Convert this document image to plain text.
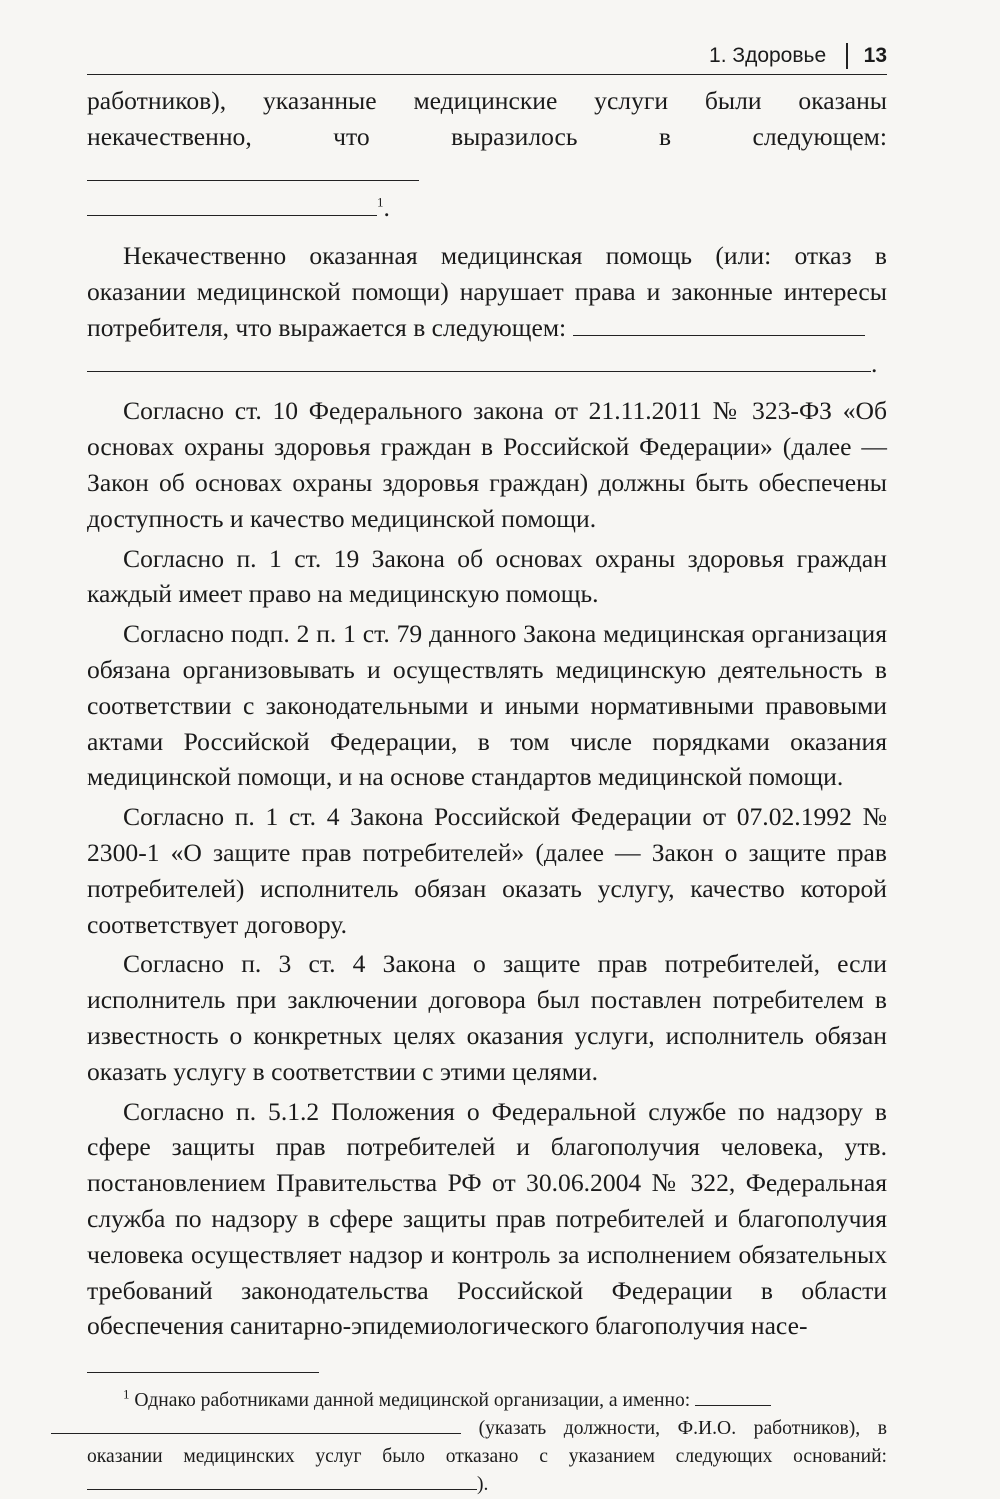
1. Здоровье 13

работников), указанные медицинские услуги были оказаны некачественно, что выразилось в следующем:
$^1$.

Некачественно оказанная медицинская помощь (или: отказ в оказании медицинской помощи) нарушает права и законные интересы потребителя, что выражается в следующем:
.

Согласно ст. 10 Федерального закона от 21.11.2011 № 323-ФЗ «Об основах охраны здоровья граждан в Российской Федерации» (далее — Закон об основах охраны здоровья граждан) должны быть обеспечены доступность и качество медицинской помощи.

Согласно п. 1 ст. 19 Закона об основах охраны здоровья граждан каждый имеет право на медицинскую помощь.

Согласно подп. 2 п. 1 ст. 79 данного Закона медицинская организация обязана организовывать и осуществлять медицинскую деятельность в соответствии с законодательными и иными нормативными правовыми актами Российской Федерации, в том числе порядками оказания медицинской помощи, и на основе стандартов медицинской помощи.

Согласно п. 1 ст. 4 Закона Российской Федерации от 07.02.1992 № 2300-1 «О защите прав потребителей» (далее — Закон о защите прав потребителей) исполнитель обязан оказать услугу, качество которой соответствует договору.

Согласно п. 3 ст. 4 Закона о защите прав потребителей, если исполнитель при заключении договора был поставлен потребителем в известность о конкретных целях оказания услуги, исполнитель обязан оказать услугу в соответствии с этими целями.

Согласно п. 5.1.2 Положения о Федеральной службе по надзору в сфере защиты прав потребителей и благополучия человека, утв. постановлением Правительства РФ от 30.06.2004 № 322, Федеральная служба по надзору в сфере защиты прав потребителей и благополучия человека осуществляет надзор и контроль за исполнением обязательных требований законодательства Российской Федерации в области обеспечения санитарно-эпидемиологического благополучия насе-

$^1$ Однако работниками данной медицинской организации, а именно:
(указать должности, Ф.И.О. работников), в оказании медицинских услуг было отказано с указанием следующих оснований: ).
